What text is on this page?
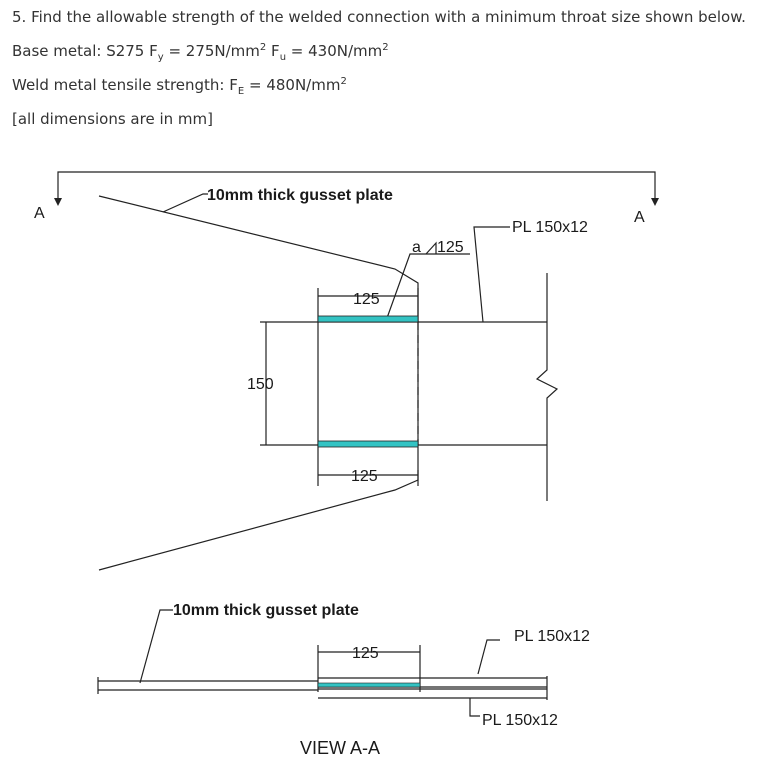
5. Find the allowable strength of the welded connection with a minimum throat size shown below.
Base metal: S275 $F_y = 275N/mm^2$ $F_u = 430N/mm^2$
Weld metal tensile strength: $F_E = 480N/mm^2$
[all dimensions are in mm]
A	A
10mm thick gusset plate
PL 150x12
a 125
125
125
150
10mm thick gusset plate
PL 150x12
125
PL 150x12
VIEW A-A
